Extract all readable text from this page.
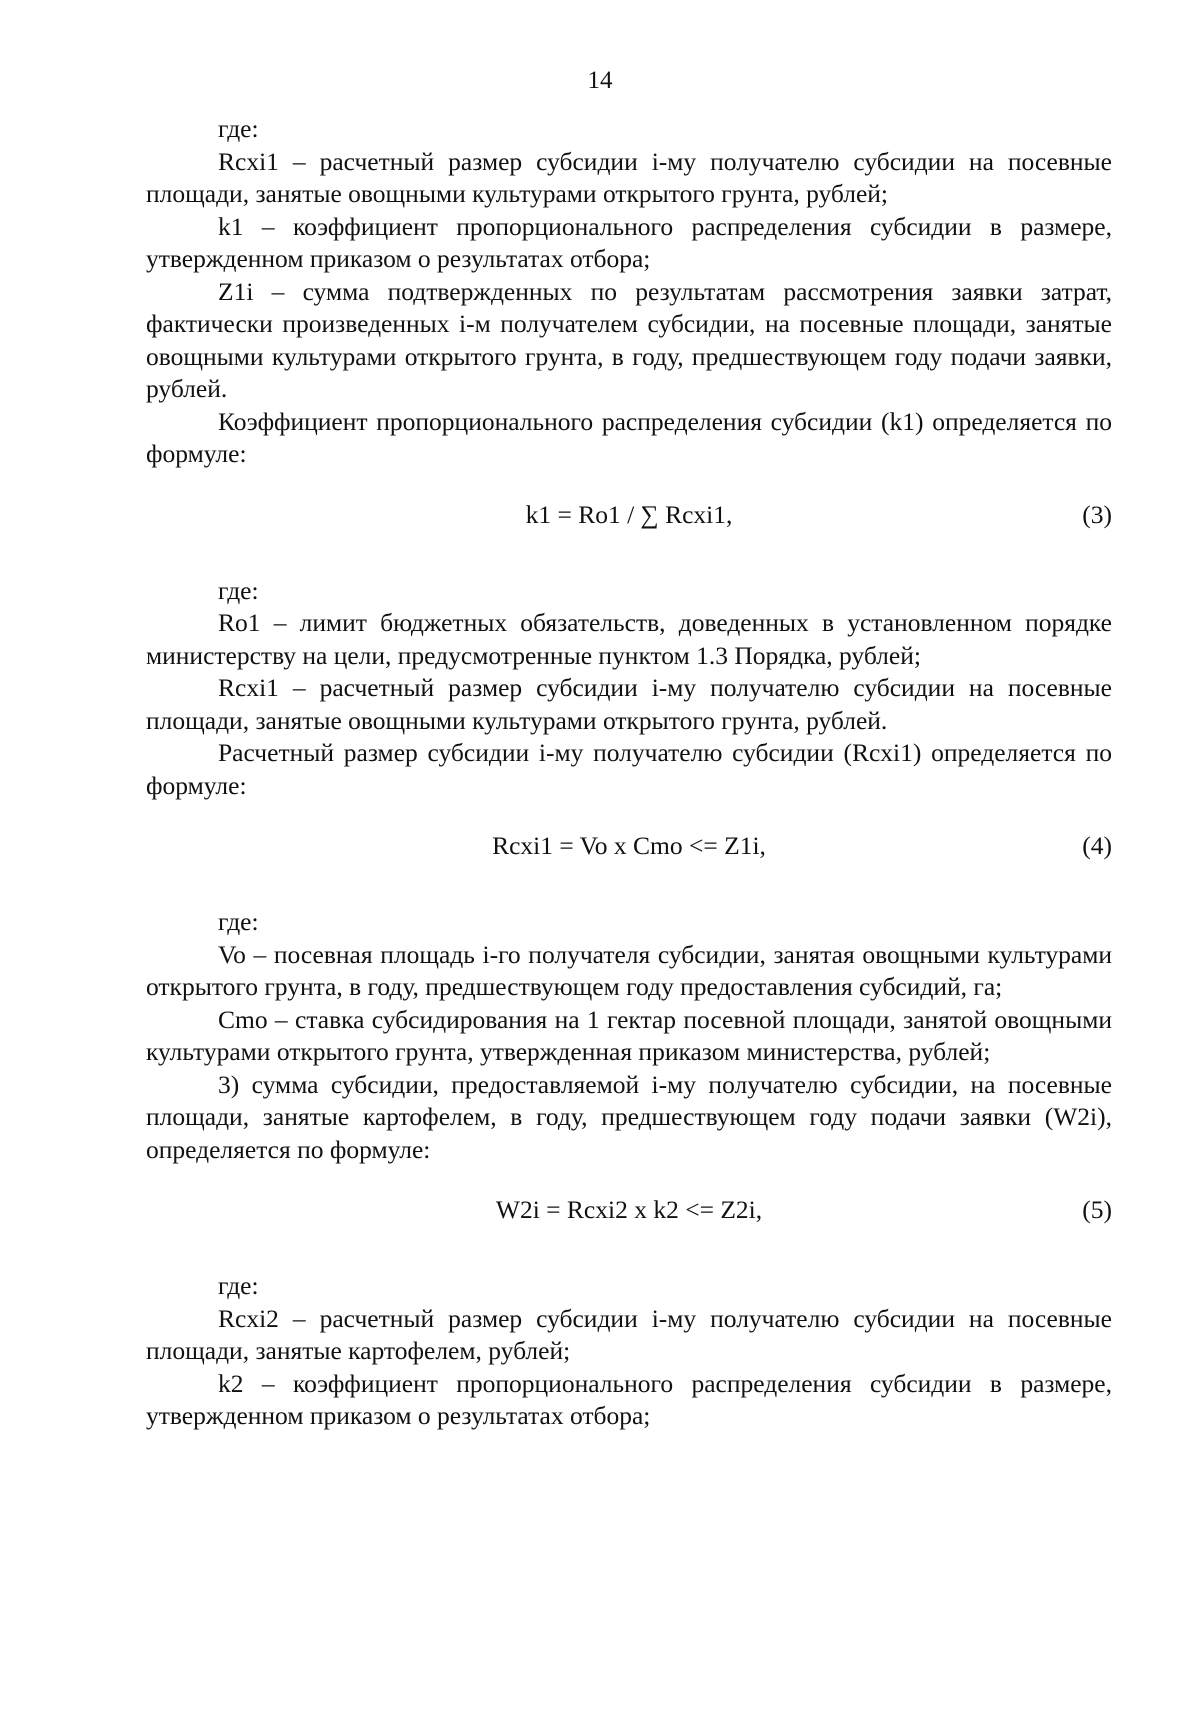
14

где:

Rcxi1 – расчетный размер субсидии i-му получателю субсидии на посевные площади, занятые овощными культурами открытого грунта, рублей;

k1 – коэффициент пропорционального распределения субсидии в размере, утвержденном приказом о результатах отбора;

Z1i – сумма подтвержденных по результатам рассмотрения заявки затрат, фактически произведенных i-м получателем субсидии, на посевные площади, занятые овощными культурами открытого грунта, в году, предшествующем году подачи заявки, рублей.

Коэффициент пропорционального распределения субсидии (k1) определяется по формуле:

k1 = Ro1 / ∑ Rcxi1,	(3)

где:

Ro1 – лимит бюджетных обязательств, доведенных в установленном порядке министерству на цели, предусмотренные пунктом 1.3 Порядка, рублей;

Rcxi1 – расчетный размер субсидии i-му получателю субсидии на посевные площади, занятые овощными культурами открытого грунта, рублей.

Расчетный размер субсидии i-му получателю субсидии (Rcxi1) определяется по формуле:

Rcxi1 = Vo x Cmo <= Z1i,	(4)

где:

Vo – посевная площадь i-го получателя субсидии, занятая овощными культурами открытого грунта, в году, предшествующем году предоставления субсидий, га;

Cmo – ставка субсидирования на 1 гектар посевной площади, занятой овощными культурами открытого грунта, утвержденная приказом министерства, рублей;

3) сумма субсидии, предоставляемой i-му получателю субсидии, на посевные площади, занятые картофелем, в году, предшествующем году подачи заявки (W2i), определяется по формуле:

W2i = Rcxi2 x k2 <= Z2i,	(5)

где:

Rcxi2 – расчетный размер субсидии i-му получателю субсидии на посевные площади, занятые картофелем, рублей;

k2 – коэффициент пропорционального распределения субсидии в размере, утвержденном приказом о результатах отбора;
